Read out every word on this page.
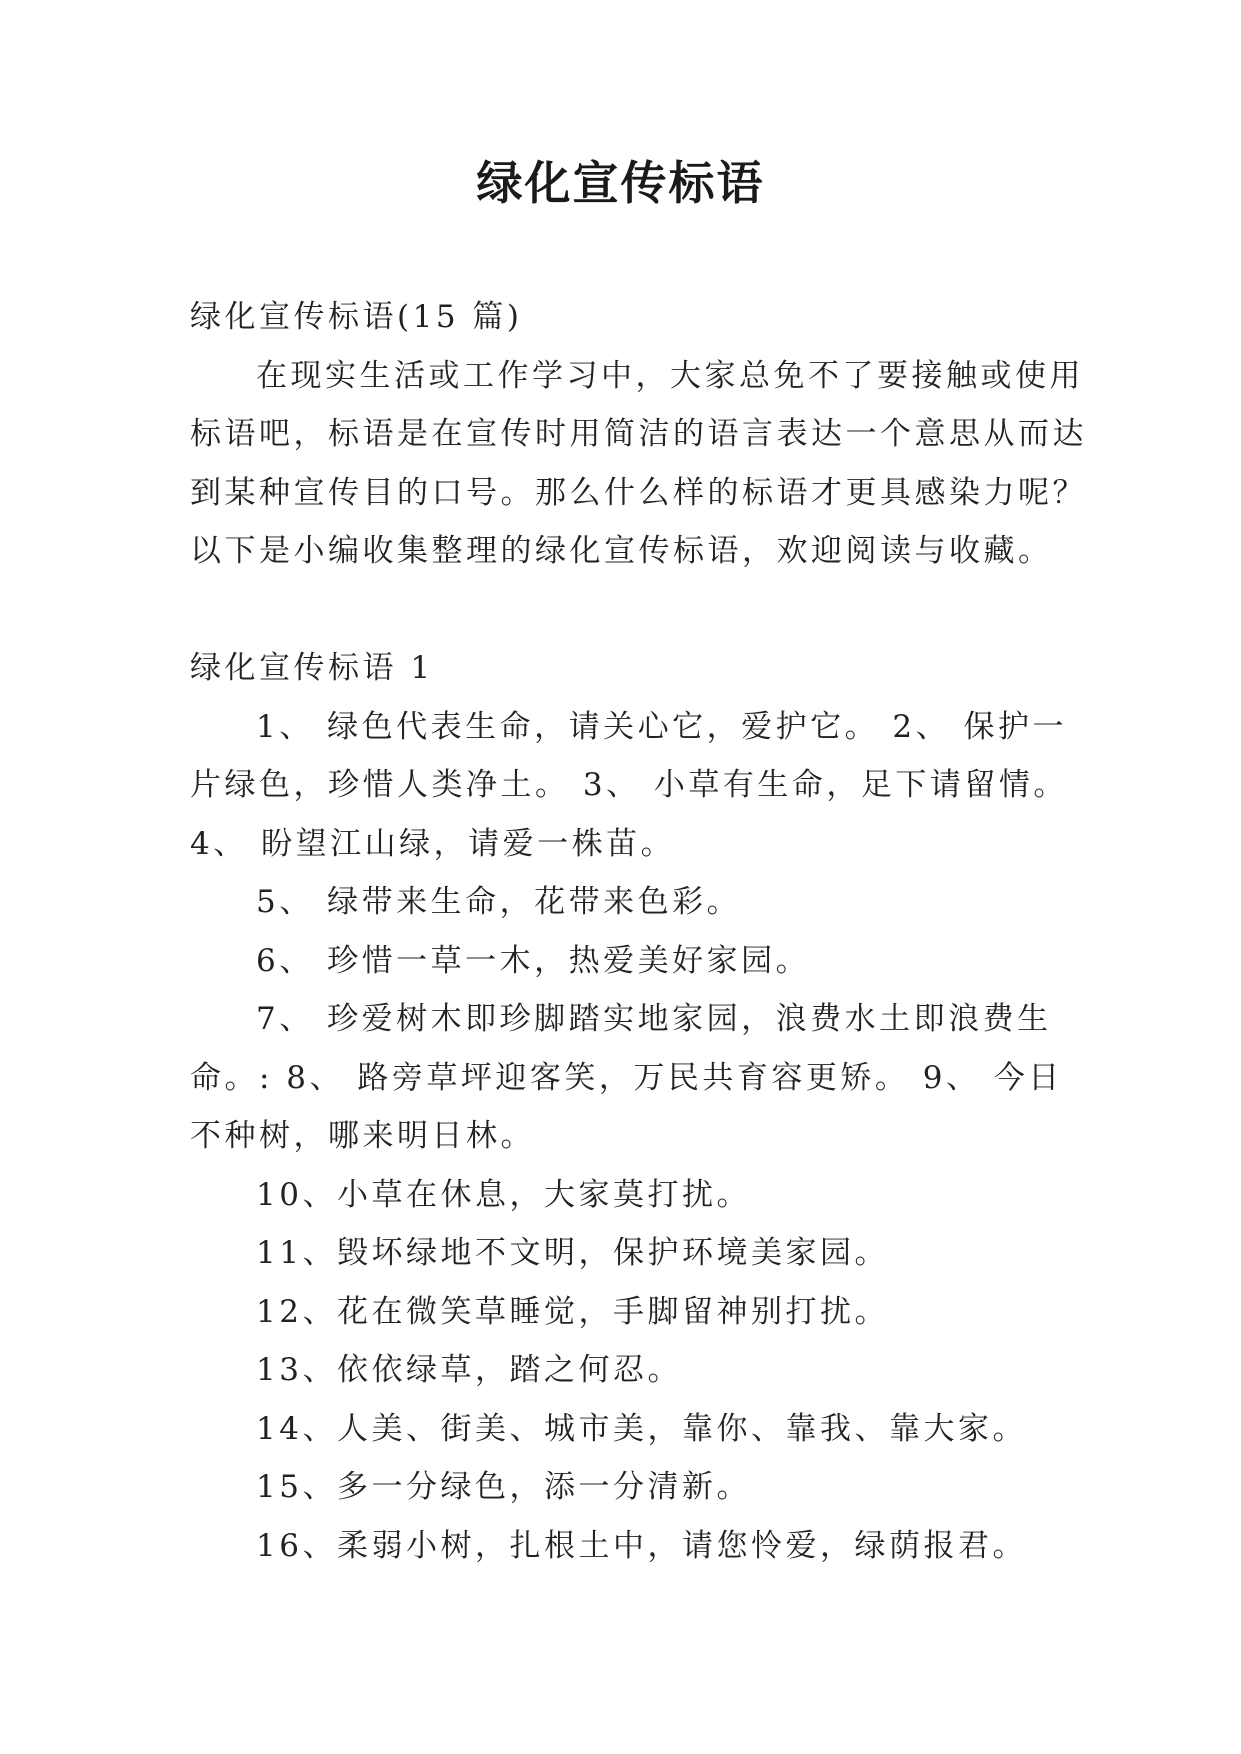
绿化宣传标语
绿化宣传标语(15 篇)
在现实生活或工作学习中，大家总免不了要接触或使用
标语吧，标语是在宣传时用简洁的语言表达一个意思从而达
到某种宣传目的口号。那么什么样的标语才更具感染力呢？
以下是小编收集整理的绿化宣传标语，欢迎阅读与收藏。
绿化宣传标语 1
1、 绿色代表生命，请关心它，爱护它。 2、 保护一
片绿色，珍惜人类净土。 3、 小草有生命，足下请留情。
4、 盼望江山绿，请爱一株苗。
5、 绿带来生命，花带来色彩。
6、 珍惜一草一木，热爱美好家园。
7、 珍爱树木即珍脚踏实地家园，浪费水土即浪费生
命。: 8、 路旁草坪迎客笑，万民共育容更矫。 9、 今日
不种树，哪来明日林。
10、小草在休息，大家莫打扰。
11、毁坏绿地不文明，保护环境美家园。
12、花在微笑草睡觉，手脚留神别打扰。
13、依依绿草，踏之何忍。
14、人美、街美、城市美，靠你、靠我、靠大家。
15、多一分绿色，添一分清新。
16、柔弱小树，扎根土中，请您怜爱，绿荫报君。
